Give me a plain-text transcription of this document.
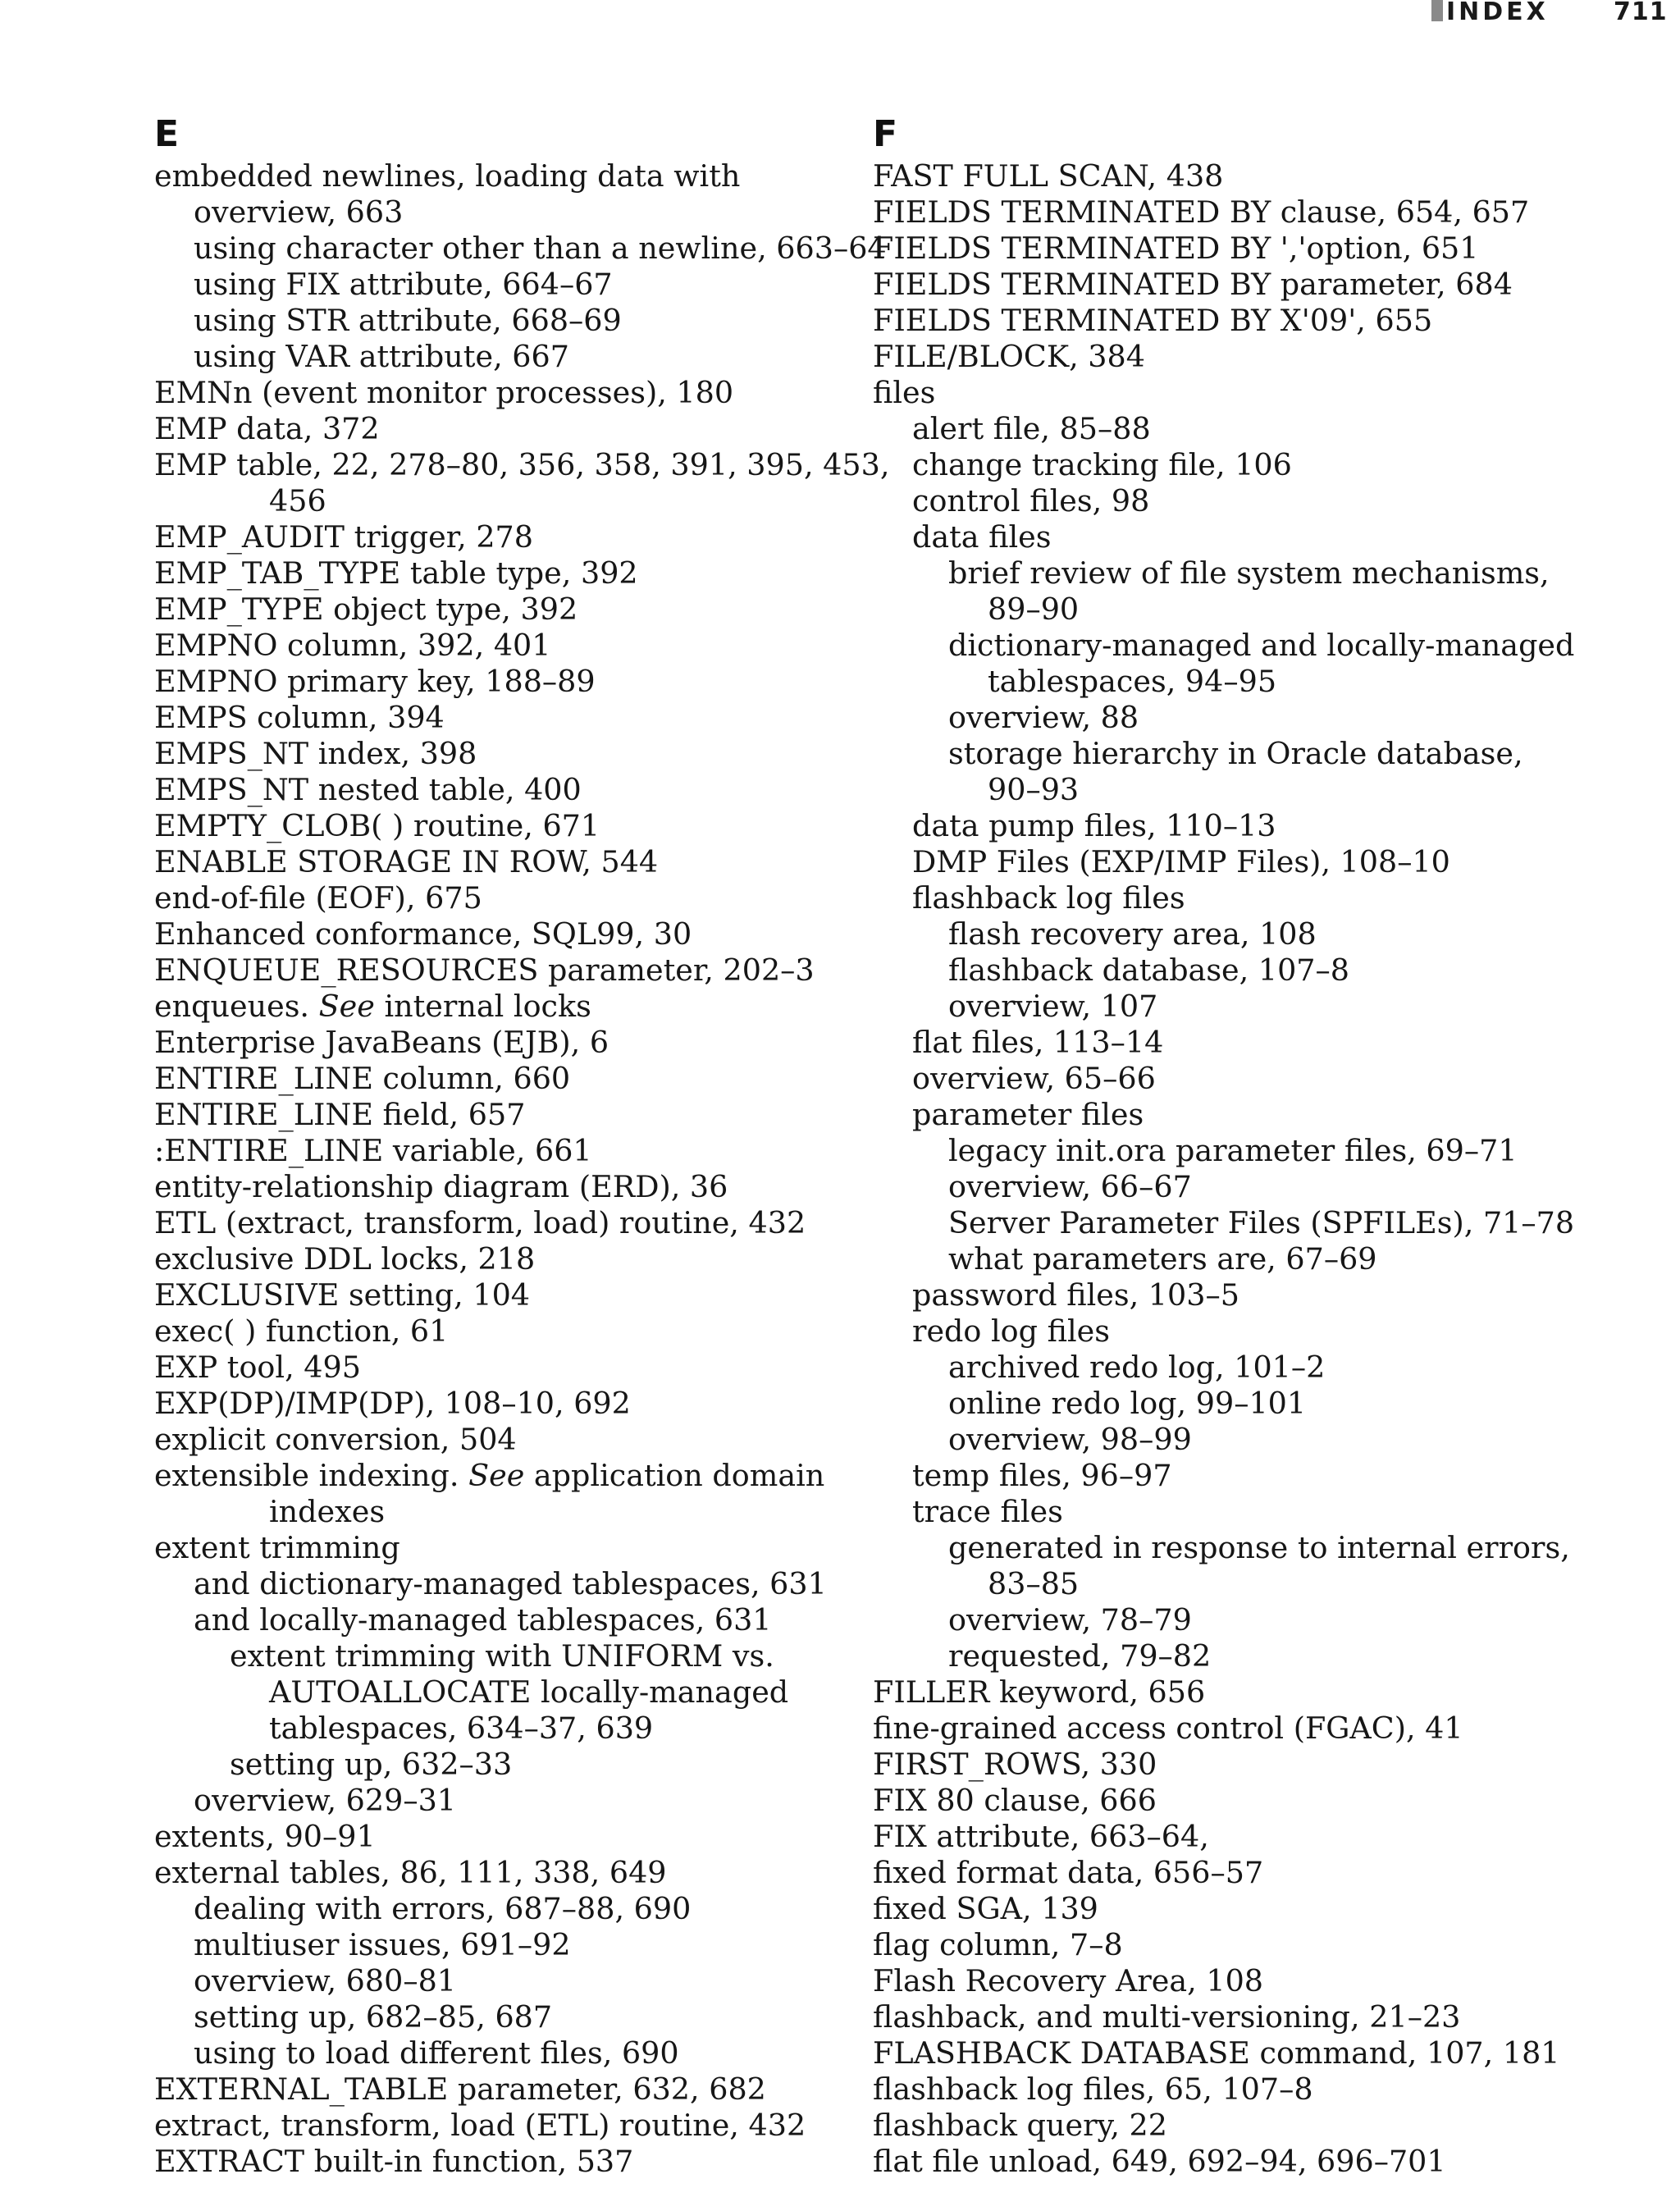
INDEX	711
E
embedded newlines, loading data with
overview, 663
using character other than a newline, 663–64
using FIX attribute, 664–67
using STR attribute, 668–69
using VAR attribute, 667
EMNn (event monitor processes), 180
EMP data, 372
EMP table, 22, 278–80, 356, 358, 391, 395, 453,
456
EMP_AUDIT trigger, 278
EMP_TAB_TYPE table type, 392
EMP_TYPE object type, 392
EMPNO column, 392, 401
EMPNO primary key, 188–89
EMPS column, 394
EMPS_NT index, 398
EMPS_NT nested table, 400
EMPTY_CLOB( ) routine, 671
ENABLE STORAGE IN ROW, 544
end-of-file (EOF), 675
Enhanced conformance, SQL99, 30
ENQUEUE_RESOURCES parameter, 202–3
enqueues. See internal locks
Enterprise JavaBeans (EJB), 6
ENTIRE_LINE column, 660
ENTIRE_LINE field, 657
:ENTIRE_LINE variable, 661
entity-relationship diagram (ERD), 36
ETL (extract, transform, load) routine, 432
exclusive DDL locks, 218
EXCLUSIVE setting, 104
exec( ) function, 61
EXP tool, 495
EXP(DP)/IMP(DP), 108–10, 692
explicit conversion, 504
extensible indexing. See application domain
indexes
extent trimming
and dictionary-managed tablespaces, 631
and locally-managed tablespaces, 631
extent trimming with UNIFORM vs.
AUTOALLOCATE locally-managed
tablespaces, 634–37, 639
setting up, 632–33
overview, 629–31
extents, 90–91
external tables, 86, 111, 338, 649
dealing with errors, 687–88, 690
multiuser issues, 691–92
overview, 680–81
setting up, 682–85, 687
using to load different files, 690
EXTERNAL_TABLE parameter, 632, 682
extract, transform, load (ETL) routine, 432
EXTRACT built-in function, 537
F
FAST FULL SCAN, 438
FIELDS TERMINATED BY clause, 654, 657
FIELDS TERMINATED BY ','option, 651
FIELDS TERMINATED BY parameter, 684
FIELDS TERMINATED BY X'09', 655
FILE/BLOCK, 384
files
alert file, 85–88
change tracking file, 106
control files, 98
data files
brief review of file system mechanisms,
89–90
dictionary-managed and locally-managed
tablespaces, 94–95
overview, 88
storage hierarchy in Oracle database,
90–93
data pump files, 110–13
DMP Files (EXP/IMP Files), 108–10
flashback log files
flash recovery area, 108
flashback database, 107–8
overview, 107
flat files, 113–14
overview, 65–66
parameter files
legacy init.ora parameter files, 69–71
overview, 66–67
Server Parameter Files (SPFILEs), 71–78
what parameters are, 67–69
password files, 103–5
redo log files
archived redo log, 101–2
online redo log, 99–101
overview, 98–99
temp files, 96–97
trace files
generated in response to internal errors,
83–85
overview, 78–79
requested, 79–82
FILLER keyword, 656
fine-grained access control (FGAC), 41
FIRST_ROWS, 330
FIX 80 clause, 666
FIX attribute, 663–64,
fixed format data, 656–57
fixed SGA, 139
flag column, 7–8
Flash Recovery Area, 108
flashback, and multi-versioning, 21–23
FLASHBACK DATABASE command, 107, 181
flashback log files, 65, 107–8
flashback query, 22
flat file unload, 649, 692–94, 696–701
